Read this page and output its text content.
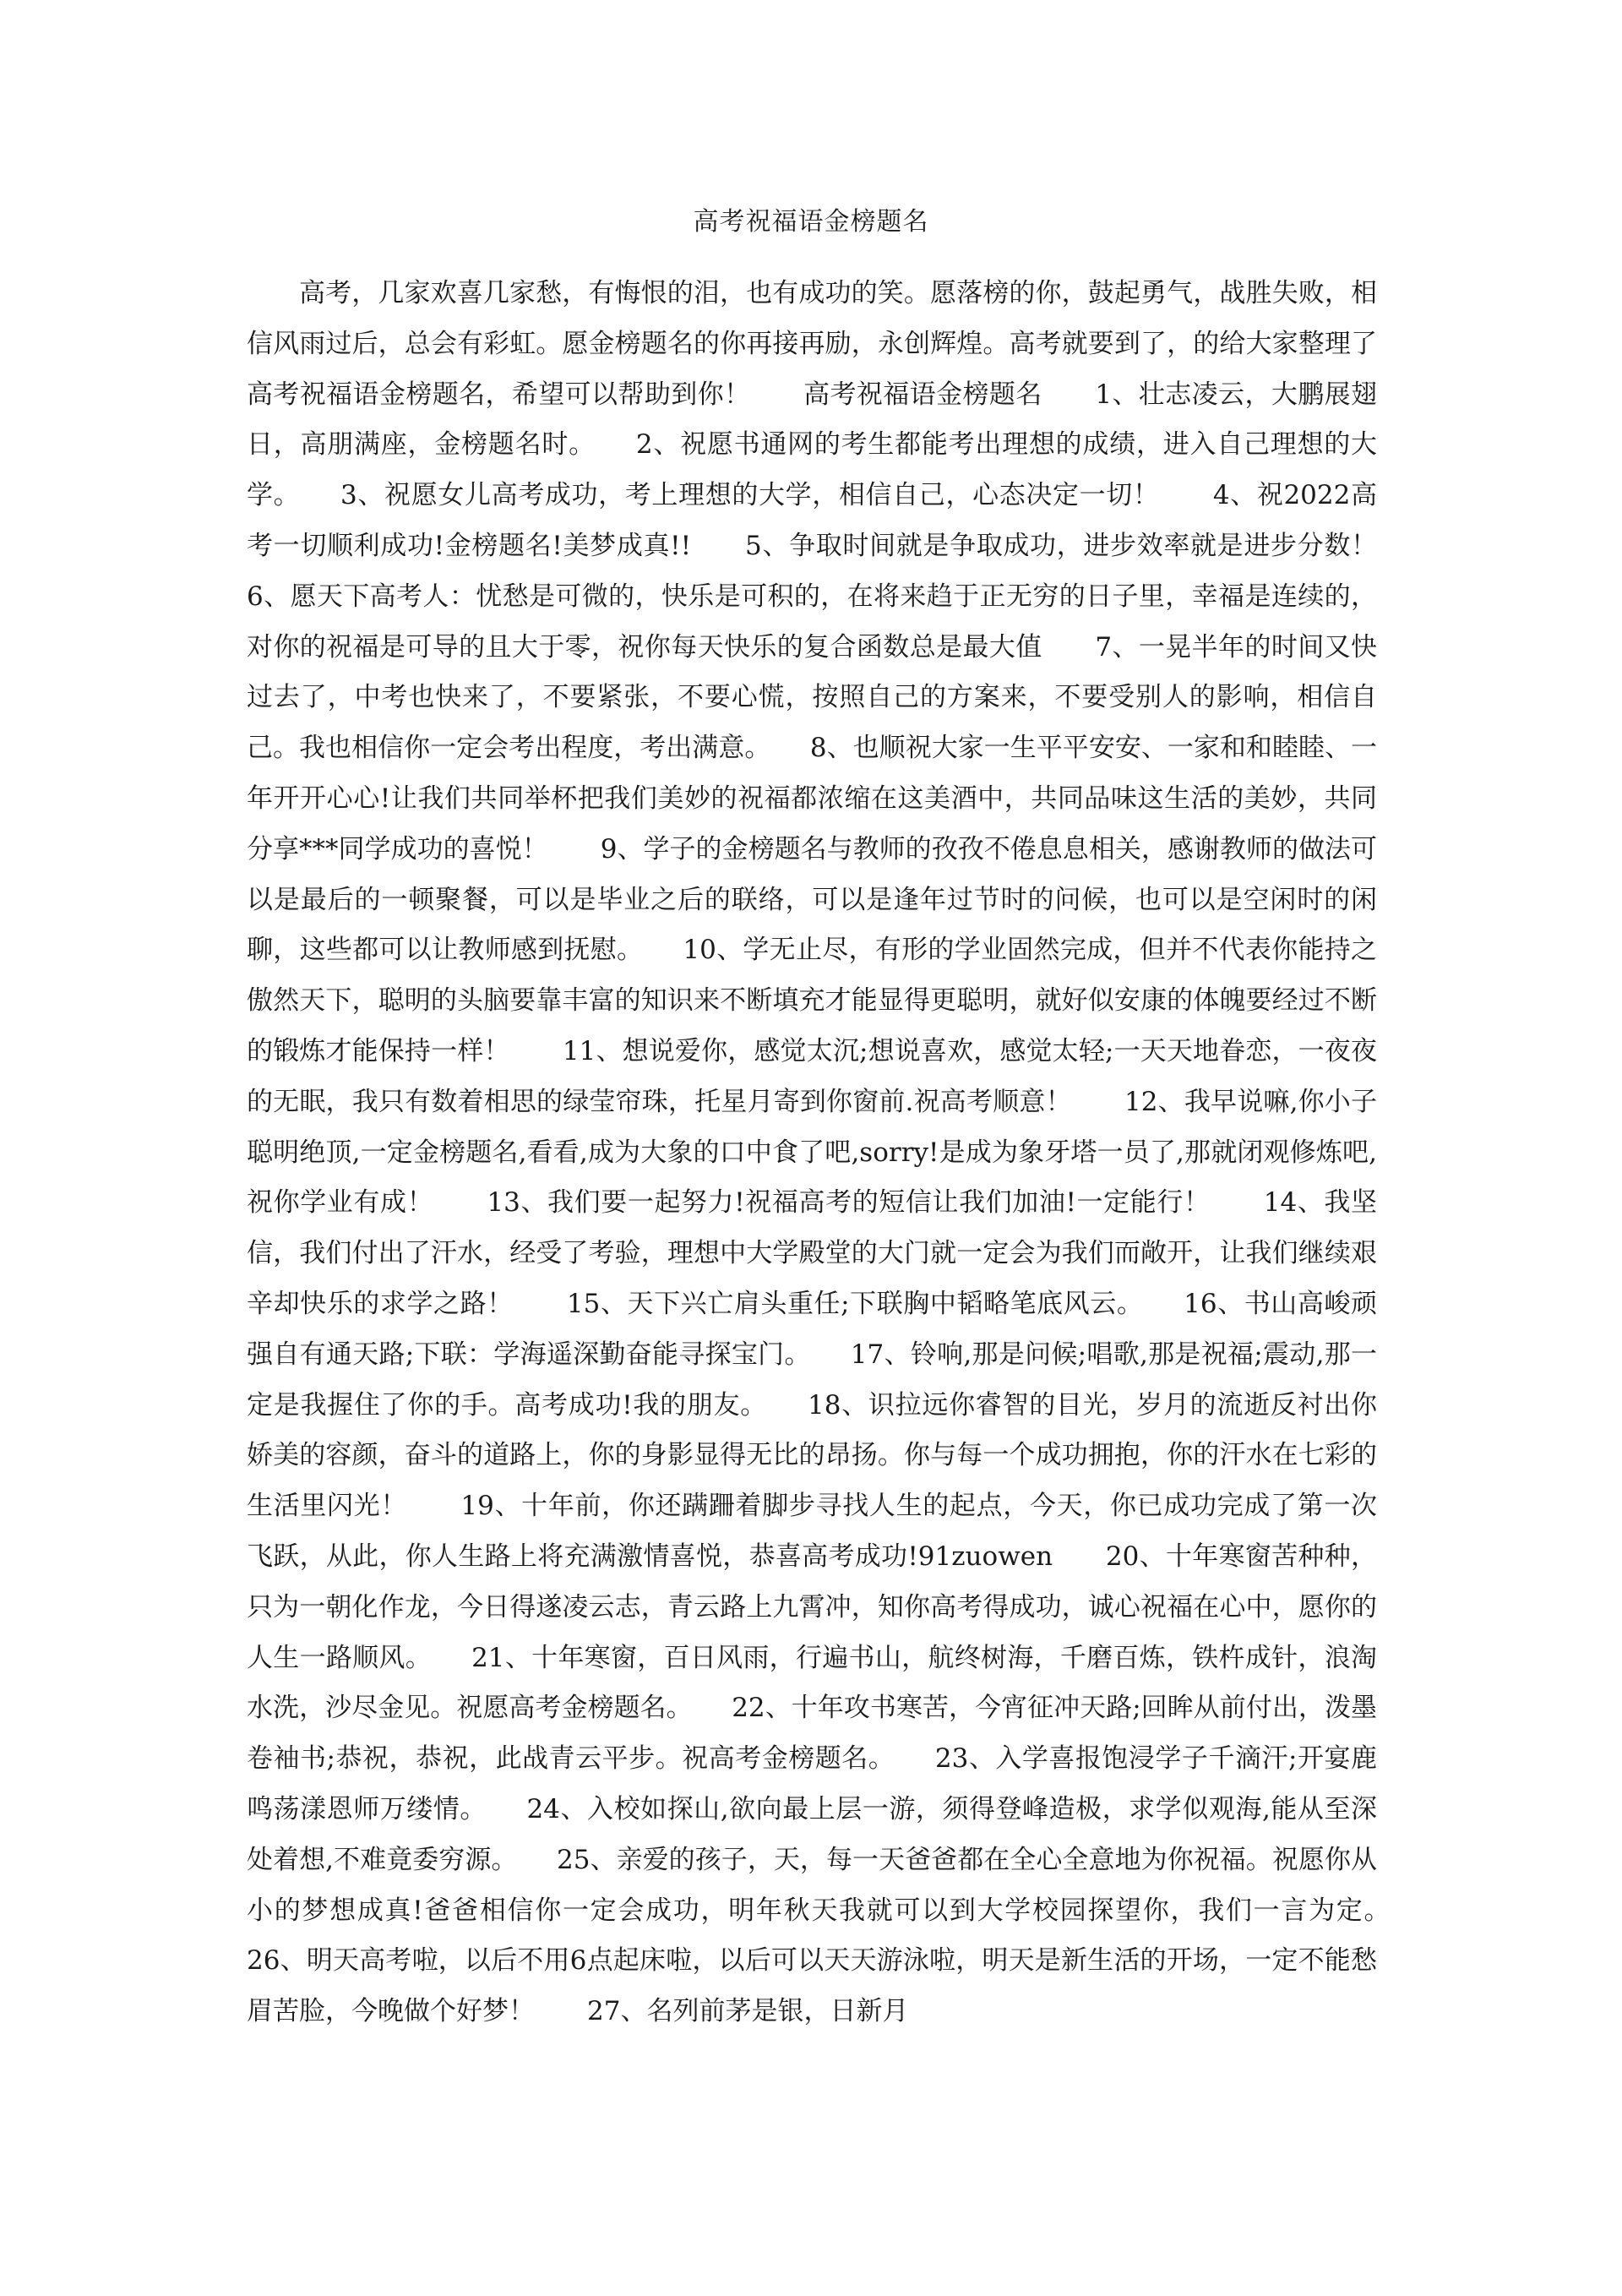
高考祝福语金榜题名

高考，几家欢喜几家愁，有悔恨的泪，也有成功的笑。愿落榜的你，鼓起勇气，战胜失败，相信风雨过后，总会有彩虹。愿金榜题名的你再接再励，永创辉煌。高考就要到了，的给大家整理了高考祝福语金榜题名，希望可以帮助到你！　　高考祝福语金榜题名　　1、壮志凌云，大鹏展翅日，高朋满座，金榜题名时。　　2、祝愿书通网的考生都能考出理想的成绩，进入自己理想的大学。　　3、祝愿女儿高考成功，考上理想的大学，相信自己，心态决定一切！　　4、祝2022高考一切顺利成功!金榜题名!美梦成真!!　　5、争取时间就是争取成功，进步效率就是进步分数！　　6、愿天下高考人：忧愁是可微的，快乐是可积的，在将来趋于正无穷的日子里，幸福是连续的，对你的祝福是可导的且大于零，祝你每天快乐的复合函数总是最大值　　7、一晃半年的时间又快过去了，中考也快来了，不要紧张，不要心慌，按照自己的方案来，不要受别人的影响，相信自己。我也相信你一定会考出程度，考出满意。　　8、也顺祝大家一生平平安安、一家和和睦睦、一年开开心心!让我们共同举杯把我们美妙的祝福都浓缩在这美酒中，共同品味这生活的美妙，共同分享***同学成功的喜悦！　　9、学子的金榜题名与教师的孜孜不倦息息相关，感谢教师的做法可以是最后的一顿聚餐，可以是毕业之后的联络，可以是逢年过节时的问候，也可以是空闲时的闲聊，这些都可以让教师感到抚慰。　　10、学无止尽，有形的学业固然完成，但并不代表你能持之傲然天下，聪明的头脑要靠丰富的知识来不断填充才能显得更聪明，就好似安康的体魄要经过不断的锻炼才能保持一样！　　11、想说爱你，感觉太沉;想说喜欢，感觉太轻;一天天地眷恋，一夜夜的无眠，我只有数着相思的绿莹帘珠，托星月寄到你窗前.祝高考顺意！　　12、我早说嘛,你小子聪明绝顶,一定金榜题名,看看,成为大象的口中食了吧,sorry!是成为象牙塔一员了,那就闭观修炼吧,祝你学业有成！　　13、我们要一起努力!祝福高考的短信让我们加油!一定能行！　　14、我坚信，我们付出了汗水，经受了考验，理想中大学殿堂的大门就一定会为我们而敞开，让我们继续艰辛却快乐的求学之路！　　15、天下兴亡肩头重任;下联胸中韬略笔底风云。　　16、书山高峻顽强自有通天路;下联：学海遥深勤奋能寻探宝门。　　17、铃响,那是问候;唱歌,那是祝福;震动,那一定是我握住了你的手。高考成功!我的朋友。　　18、识拉远你睿智的目光，岁月的流逝反衬出你娇美的容颜，奋斗的道路上，你的身影显得无比的昂扬。你与每一个成功拥抱，你的汗水在七彩的生活里闪光！　　19、十年前，你还蹒跚着脚步寻找人生的起点，今天，你已成功完成了第一次飞跃，从此，你人生路上将充满激情喜悦，恭喜高考成功!91zuowen　　20、十年寒窗苦种种，只为一朝化作龙，今日得遂凌云志，青云路上九霄冲，知你高考得成功，诚心祝福在心中，愿你的人生一路顺风。　　21、十年寒窗，百日风雨，行遍书山，航终树海，千磨百炼，铁杵成针，浪淘水洗，沙尽金见。祝愿高考金榜题名。　　22、十年攻书寒苦，今宵征冲天路;回眸从前付出，泼墨卷袖书;恭祝，恭祝，此战青云平步。祝高考金榜题名。　　23、入学喜报饱浸学子千滴汗;开宴鹿鸣荡漾恩师万缕情。　　24、入校如探山,欲向最上层一游，须得登峰造极，求学似观海,能从至深处着想,不难竟委穷源。　　25、亲爱的孩子，天，每一天爸爸都在全心全意地为你祝福。祝愿你从小的梦想成真!爸爸相信你一定会成功，明年秋天我就可以到大学校园探望你，我们一言为定。　　26、明天高考啦，以后不用6点起床啦，以后可以天天游泳啦，明天是新生活的开场，一定不能愁眉苦脸，今晚做个好梦！　　27、名列前茅是银，日新月
